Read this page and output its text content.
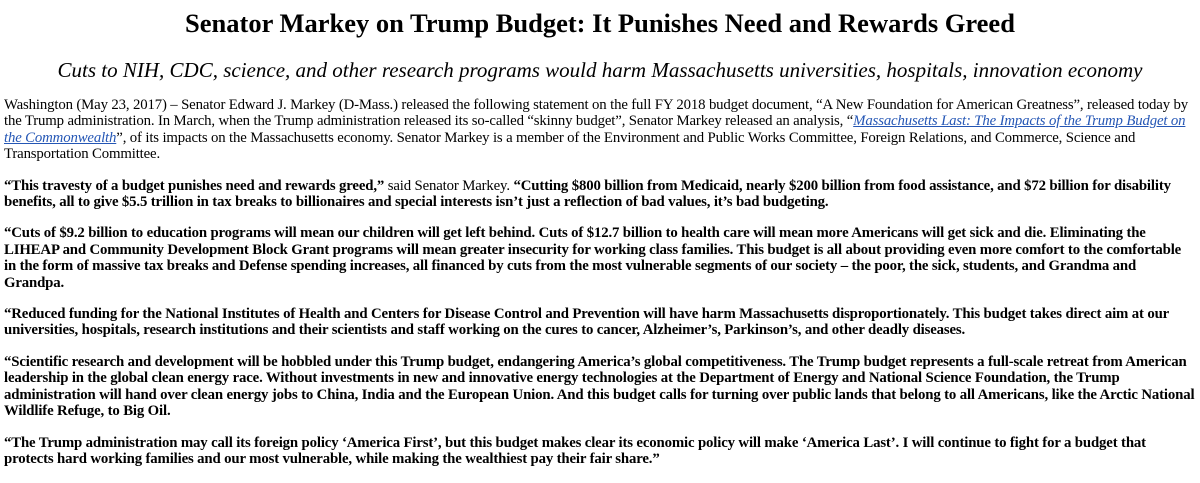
Senator Markey on Trump Budget: It Punishes Need and Rewards Greed
Cuts to NIH, CDC, science, and other research programs would harm Massachusetts universities, hospitals, innovation economy

Washington (May 23, 2017) – Senator Edward J. Markey (D-Mass.) released the following statement on the full FY 2018 budget document, “A New Foundation for American Greatness”, released today by the Trump administration. In March, when the Trump administration released its so-called “skinny budget”, Senator Markey released an analysis, “Massachusetts Last: The Impacts of the Trump Budget on the Commonwealth”, of its impacts on the Massachusetts economy. Senator Markey is a member of the Environment and Public Works Committee, Foreign Relations, and Commerce, Science and Transportation Committee.

“This travesty of a budget punishes need and rewards greed,” said Senator Markey. “Cutting $800 billion from Medicaid, nearly $200 billion from food assistance, and $72 billion for disability benefits, all to give $5.5 trillion in tax breaks to billionaires and special interests isn’t just a reflection of bad values, it’s bad budgeting.

“Cuts of $9.2 billion to education programs will mean our children will get left behind. Cuts of $12.7 billion to health care will mean more Americans will get sick and die. Eliminating the LIHEAP and Community Development Block Grant programs will mean greater insecurity for working class families. This budget is all about providing even more comfort to the comfortable in the form of massive tax breaks and Defense spending increases, all financed by cuts from the most vulnerable segments of our society – the poor, the sick, students, and Grandma and Grandpa.

“Reduced funding for the National Institutes of Health and Centers for Disease Control and Prevention will have harm Massachusetts disproportionately. This budget takes direct aim at our universities, hospitals, research institutions and their scientists and staff working on the cures to cancer, Alzheimer’s, Parkinson’s, and other deadly diseases.

“Scientific research and development will be hobbled under this Trump budget, endangering America’s global competitiveness. The Trump budget represents a full-scale retreat from American leadership in the global clean energy race. Without investments in new and innovative energy technologies at the Department of Energy and National Science Foundation, the Trump administration will hand over clean energy jobs to China, India and the European Union. And this budget calls for turning over public lands that belong to all Americans, like the Arctic National Wildlife Refuge, to Big Oil.

“The Trump administration may call its foreign policy ‘America First’, but this budget makes clear its economic policy will make ‘America Last’. I will continue to fight for a budget that protects hard working families and our most vulnerable, while making the wealthiest pay their fair share.”
